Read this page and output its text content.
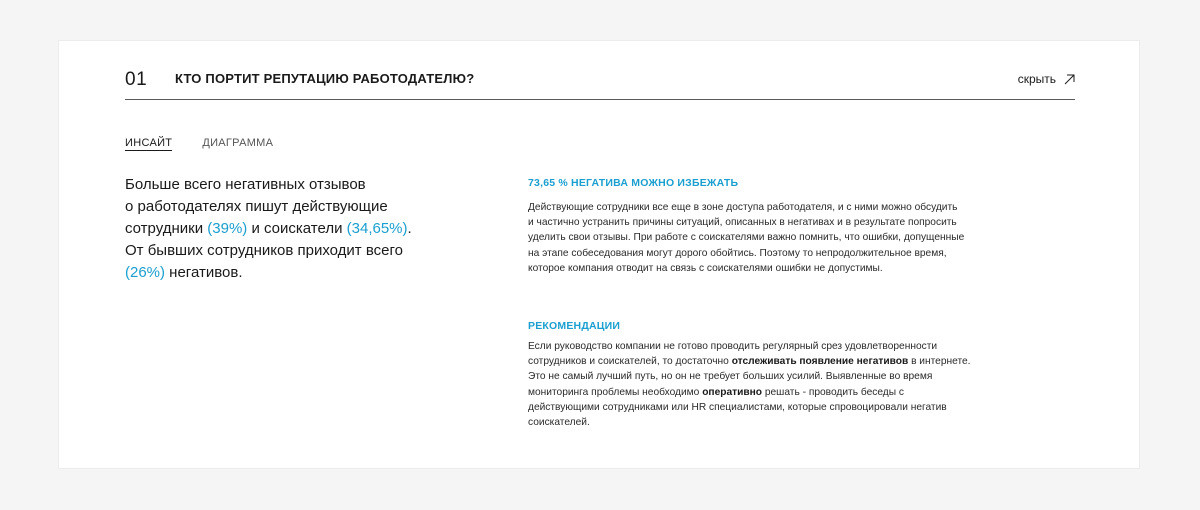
01 КТО ПОРТИТ РЕПУТАЦИЮ РАБОТОДАТЕЛЮ?	скрыть
ИНСАЙТ	ДИАГРАММА
Больше всего негативных отзывов
о работодателях пишут действующие
сотрудники (39%) и соискатели (34,65%).
От бывших сотрудников приходит всего
(26%) негативов.

73,65 % НЕГАТИВА МОЖНО ИЗБЕЖАТЬ

Действующие сотрудники все еще в зоне доступа работодателя, и с ними можно обсудить
и частично устранить причины ситуаций, описанных в негативах и в результате попросить
уделить свои отзывы. При работе с соискателями важно помнить, что ошибки, допущенные
на этапе собеседования могут дорого обойтись. Поэтому то непродолжительное время,
которое компания отводит на связь с соискателями ошибки не допустимы.

РЕКОМЕНДАЦИИ

Если руководство компании не готово проводить регулярный срез удовлетворенности
сотрудников и соискателей, то достаточно отслеживать появление негативов в интернете.
Это не самый лучший путь, но он не требует больших усилий. Выявленные во время
мониторинга проблемы необходимо оперативно решать - проводить беседы с
действующими сотрудниками или HR специалистами, которые спровоцировали негатив
соискателей.
